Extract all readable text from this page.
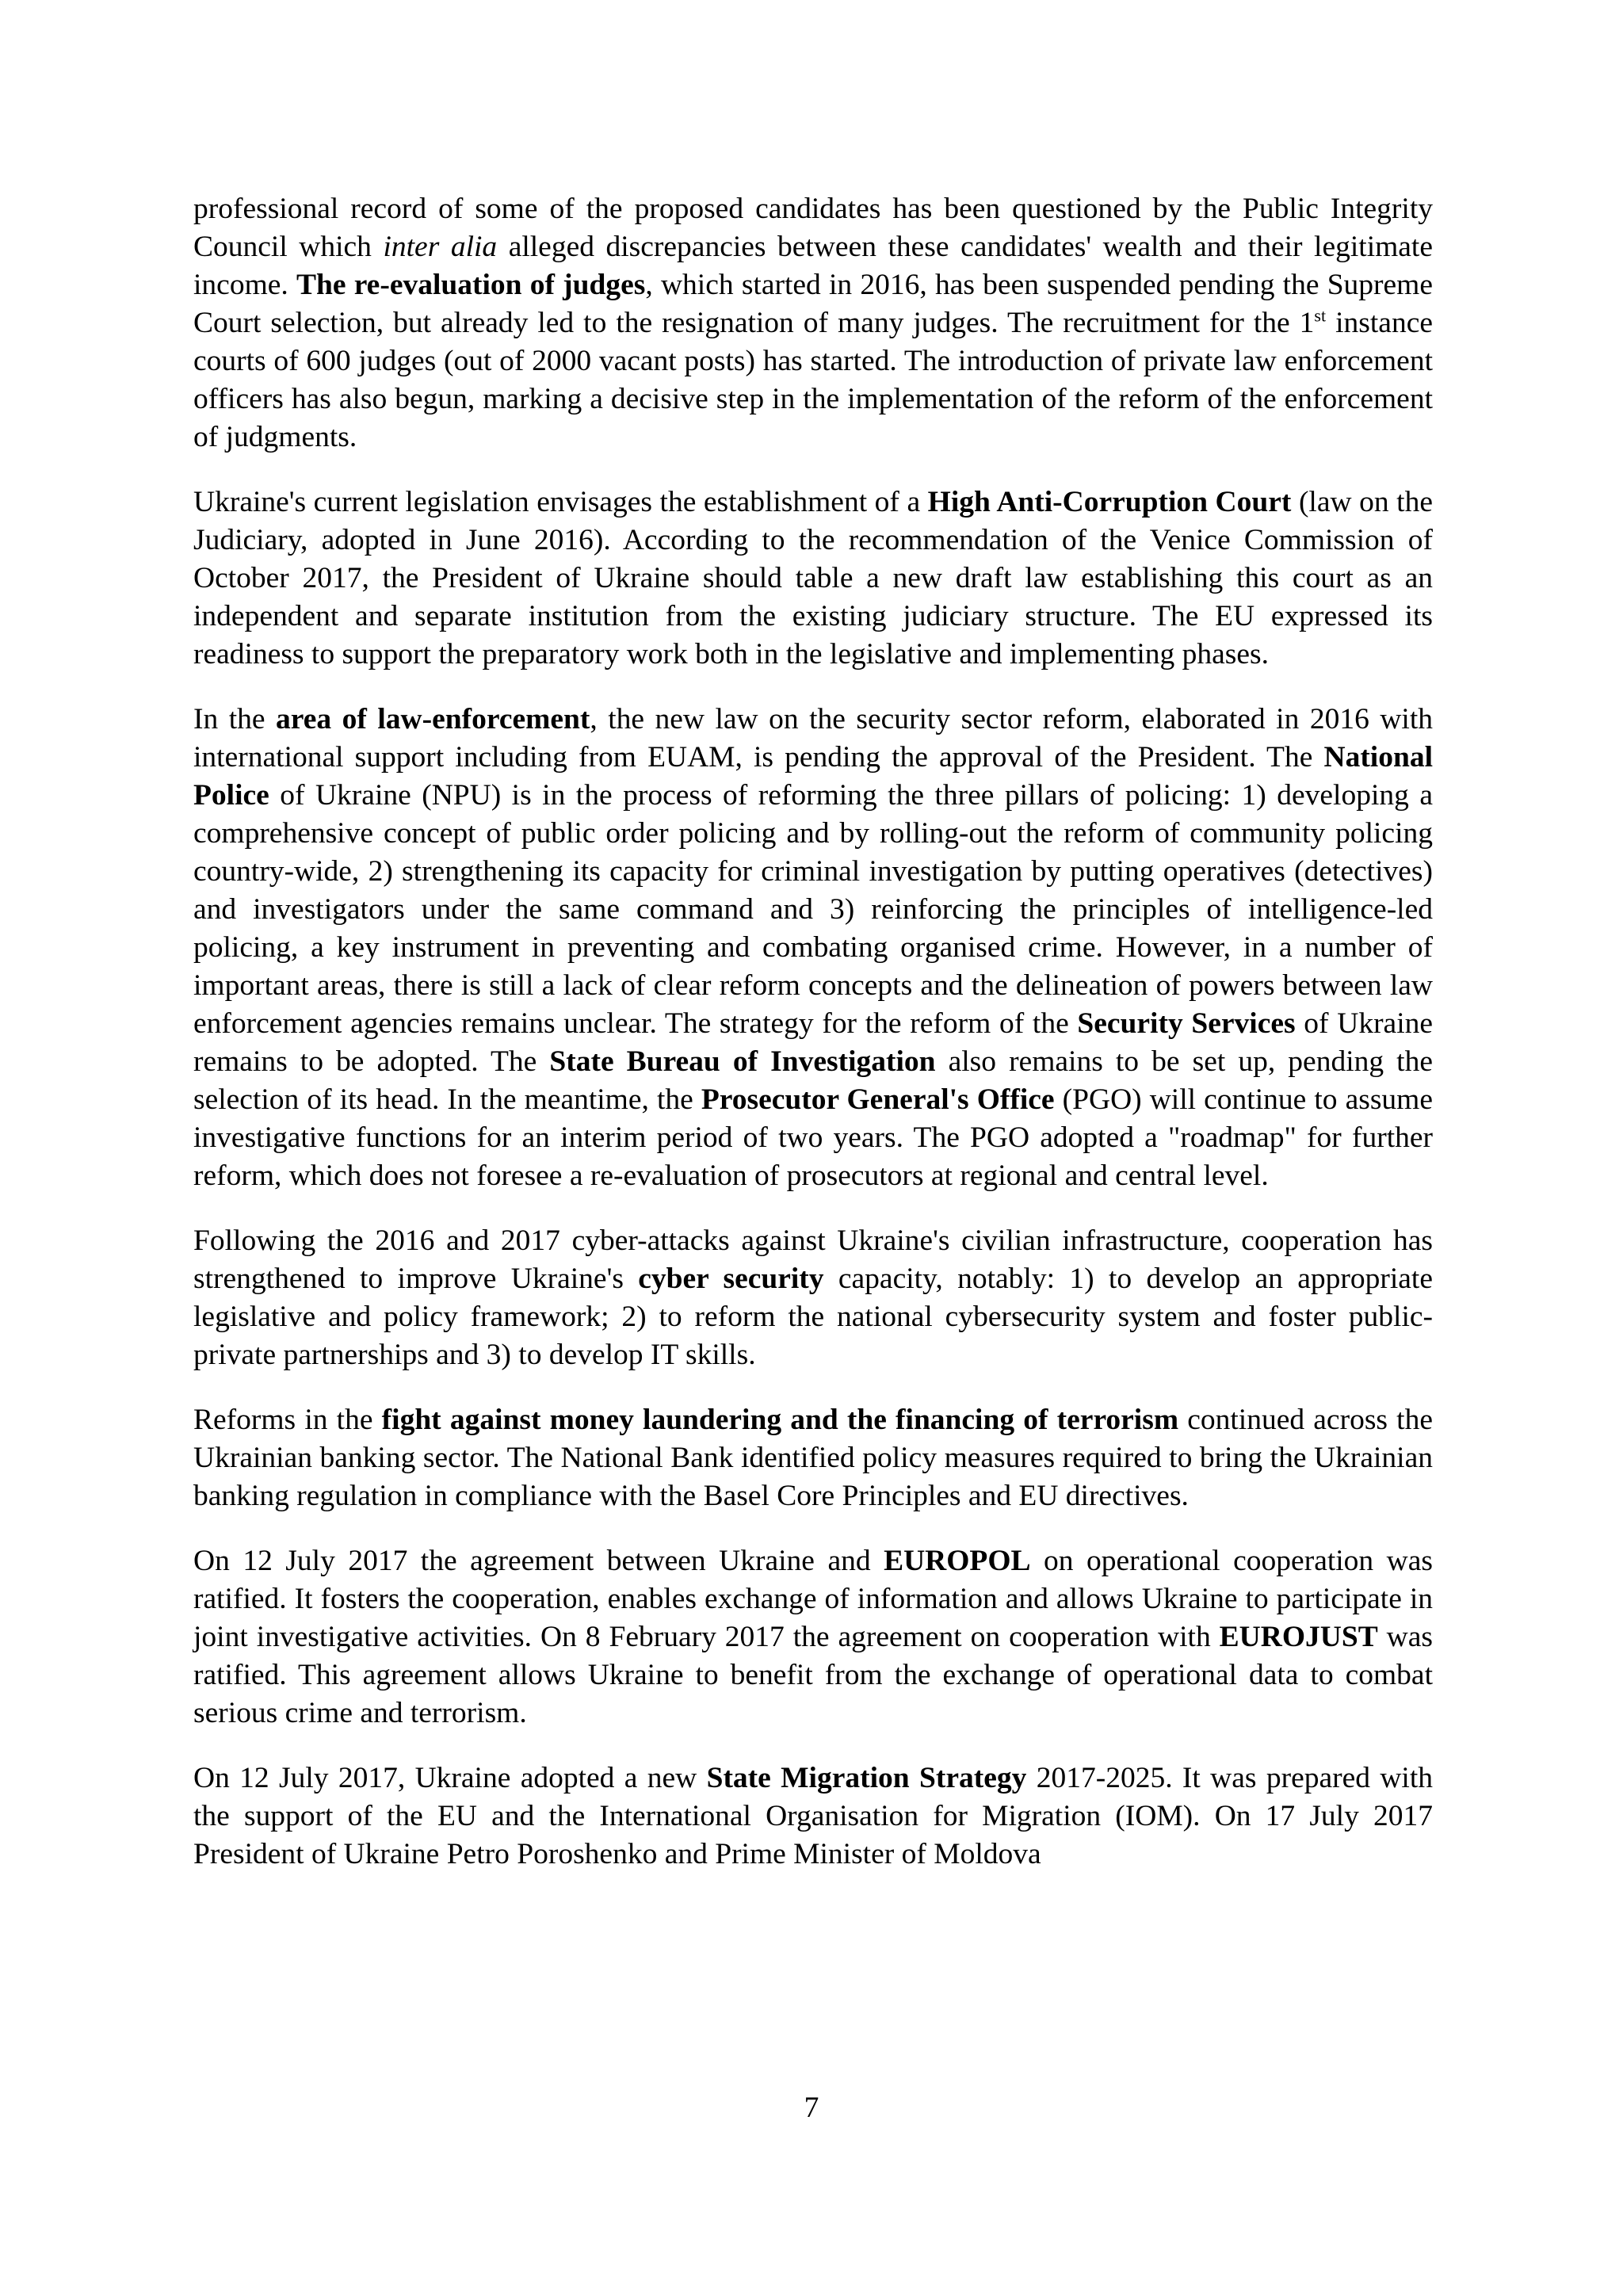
professional record of some of the proposed candidates has been questioned by the Public Integrity Council which inter alia alleged discrepancies between these candidates' wealth and their legitimate income. The re-evaluation of judges, which started in 2016, has been suspended pending the Supreme Court selection, but already led to the resignation of many judges. The recruitment for the 1st instance courts of 600 judges (out of 2000 vacant posts) has started. The introduction of private law enforcement officers has also begun, marking a decisive step in the implementation of the reform of the enforcement of judgments.

Ukraine's current legislation envisages the establishment of a High Anti-Corruption Court (law on the Judiciary, adopted in June 2016). According to the recommendation of the Venice Commission of October 2017, the President of Ukraine should table a new draft law establishing this court as an independent and separate institution from the existing judiciary structure. The EU expressed its readiness to support the preparatory work both in the legislative and implementing phases.

In the area of law-enforcement, the new law on the security sector reform, elaborated in 2016 with international support including from EUAM, is pending the approval of the President. The National Police of Ukraine (NPU) is in the process of reforming the three pillars of policing: 1) developing a comprehensive concept of public order policing and by rolling-out the reform of community policing country-wide, 2) strengthening its capacity for criminal investigation by putting operatives (detectives) and investigators under the same command and 3) reinforcing the principles of intelligence-led policing, a key instrument in preventing and combating organised crime. However, in a number of important areas, there is still a lack of clear reform concepts and the delineation of powers between law enforcement agencies remains unclear. The strategy for the reform of the Security Services of Ukraine remains to be adopted. The State Bureau of Investigation also remains to be set up, pending the selection of its head. In the meantime, the Prosecutor General's Office (PGO) will continue to assume investigative functions for an interim period of two years. The PGO adopted a "roadmap" for further reform, which does not foresee a re-evaluation of prosecutors at regional and central level.

Following the 2016 and 2017 cyber-attacks against Ukraine's civilian infrastructure, cooperation has strengthened to improve Ukraine's cyber security capacity, notably: 1) to develop an appropriate legislative and policy framework; 2) to reform the national cybersecurity system and foster public-private partnerships and 3) to develop IT skills.

Reforms in the fight against money laundering and the financing of terrorism continued across the Ukrainian banking sector. The National Bank identified policy measures required to bring the Ukrainian banking regulation in compliance with the Basel Core Principles and EU directives.

On 12 July 2017 the agreement between Ukraine and EUROPOL on operational cooperation was ratified. It fosters the cooperation, enables exchange of information and allows Ukraine to participate in joint investigative activities. On 8 February 2017 the agreement on cooperation with EUROJUST was ratified. This agreement allows Ukraine to benefit from the exchange of operational data to combat serious crime and terrorism.

On 12 July 2017, Ukraine adopted a new State Migration Strategy 2017-2025. It was prepared with the support of the EU and the International Organisation for Migration (IOM). On 17 July 2017 President of Ukraine Petro Poroshenko and Prime Minister of Moldova

7
